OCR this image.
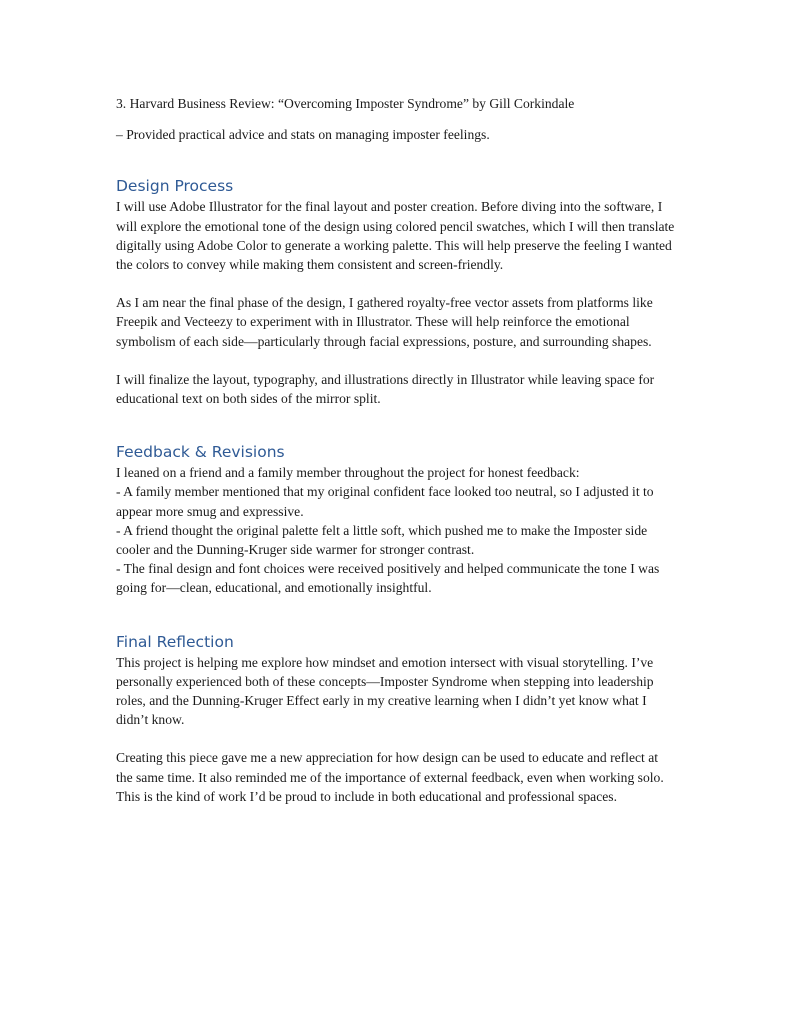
3. Harvard Business Review: “Overcoming Imposter Syndrome” by Gill Corkindale

– Provided practical advice and stats on managing imposter feelings.

Design Process

I will use Adobe Illustrator for the final layout and poster creation. Before diving into the software, I will explore the emotional tone of the design using colored pencil swatches, which I will then translate digitally using Adobe Color to generate a working palette. This will help preserve the feeling I wanted the colors to convey while making them consistent and screen-friendly.

As I am near the final phase of the design, I gathered royalty-free vector assets from platforms like Freepik and Vecteezy to experiment with in Illustrator. These will help reinforce the emotional symbolism of each side—particularly through facial expressions, posture, and surrounding shapes.

I will finalize the layout, typography, and illustrations directly in Illustrator while leaving space for educational text on both sides of the mirror split.

Feedback & Revisions

I leaned on a friend and a family member throughout the project for honest feedback:

- A family member mentioned that my original confident face looked too neutral, so I adjusted it to appear more smug and expressive.

- A friend thought the original palette felt a little soft, which pushed me to make the Imposter side cooler and the Dunning-Kruger side warmer for stronger contrast.

- The final design and font choices were received positively and helped communicate the tone I was going for—clean, educational, and emotionally insightful.

Final Reflection

This project is helping me explore how mindset and emotion intersect with visual storytelling. I’ve personally experienced both of these concepts—Imposter Syndrome when stepping into leadership roles, and the Dunning-Kruger Effect early in my creative learning when I didn’t yet know what I didn’t know.

Creating this piece gave me a new appreciation for how design can be used to educate and reflect at the same time. It also reminded me of the importance of external feedback, even when working solo. This is the kind of work I’d be proud to include in both educational and professional spaces.
